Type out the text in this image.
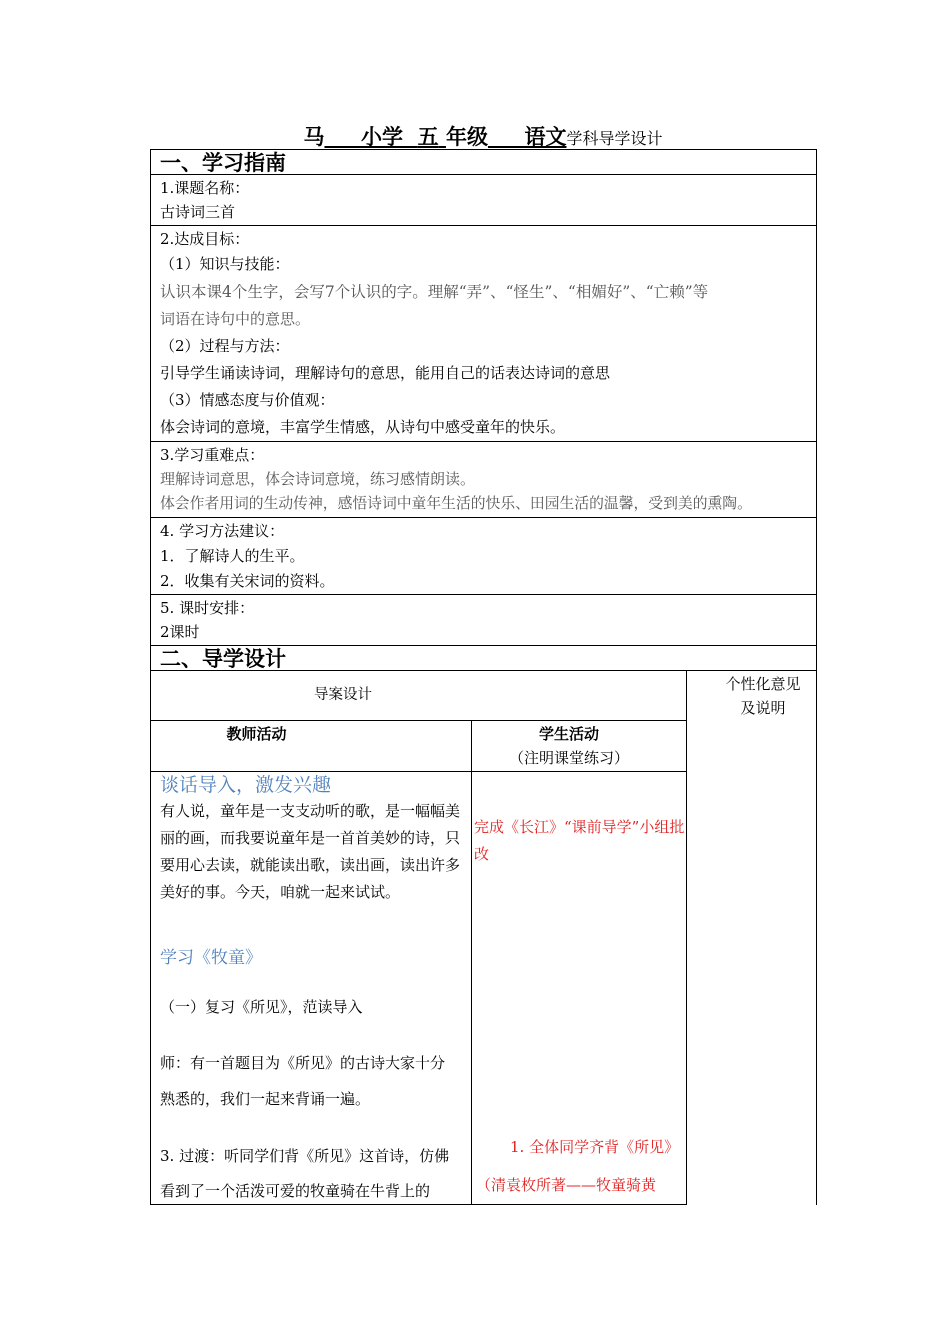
马 小学 五 年级 语文学科导学设计
一、学习指南
1.课题名称：
古诗词三首
2.达成目标：
（1）知识与技能：
认识本课4个生字，会写7个认识的字。理解“弄”、“怪生”、“相媚好”、“亡赖”等
词语在诗句中的意思。
（2）过程与方法：
引导学生诵读诗词，理解诗句的意思，能用自己的话表达诗词的意思
（3）情感态度与价值观：
体会诗词的意境，丰富学生情感，从诗句中感受童年的快乐。
3.学习重难点：
理解诗词意思，体会诗词意境，练习感情朗读。
体会作者用词的生动传神，感悟诗词中童年生活的快乐、田园生活的温馨，受到美的熏陶。
4. 学习方法建议：
1．了解诗人的生平。
2．收集有关宋词的资料。
5. 课时安排：
2课时
二、导学设计
导案设计
个性化意见
及说明
教师活动	学生活动
（注明课堂练习）
谈话导入，激发兴趣
有人说，童年是一支支动听的歌，是一幅幅美丽的画，而我要说童年是一首首美妙的诗，只要用心去读，就能读出歌，读出画，读出许多美好的事。今天，咱就一起来试试。
学习《牧童》
（一）复习《所见》，范读导入
师：有一首题目为《所见》的古诗大家十分
熟悉的，我们一起来背诵一遍。
3. 过渡：听同学们背《所见》这首诗，仿佛
看到了一个活泼可爱的牧童骑在牛背上的
完成《长江》“课前导学”小组批改
1. 全体同学齐背《所见》
（清袁枚所著——牧童骑黄
